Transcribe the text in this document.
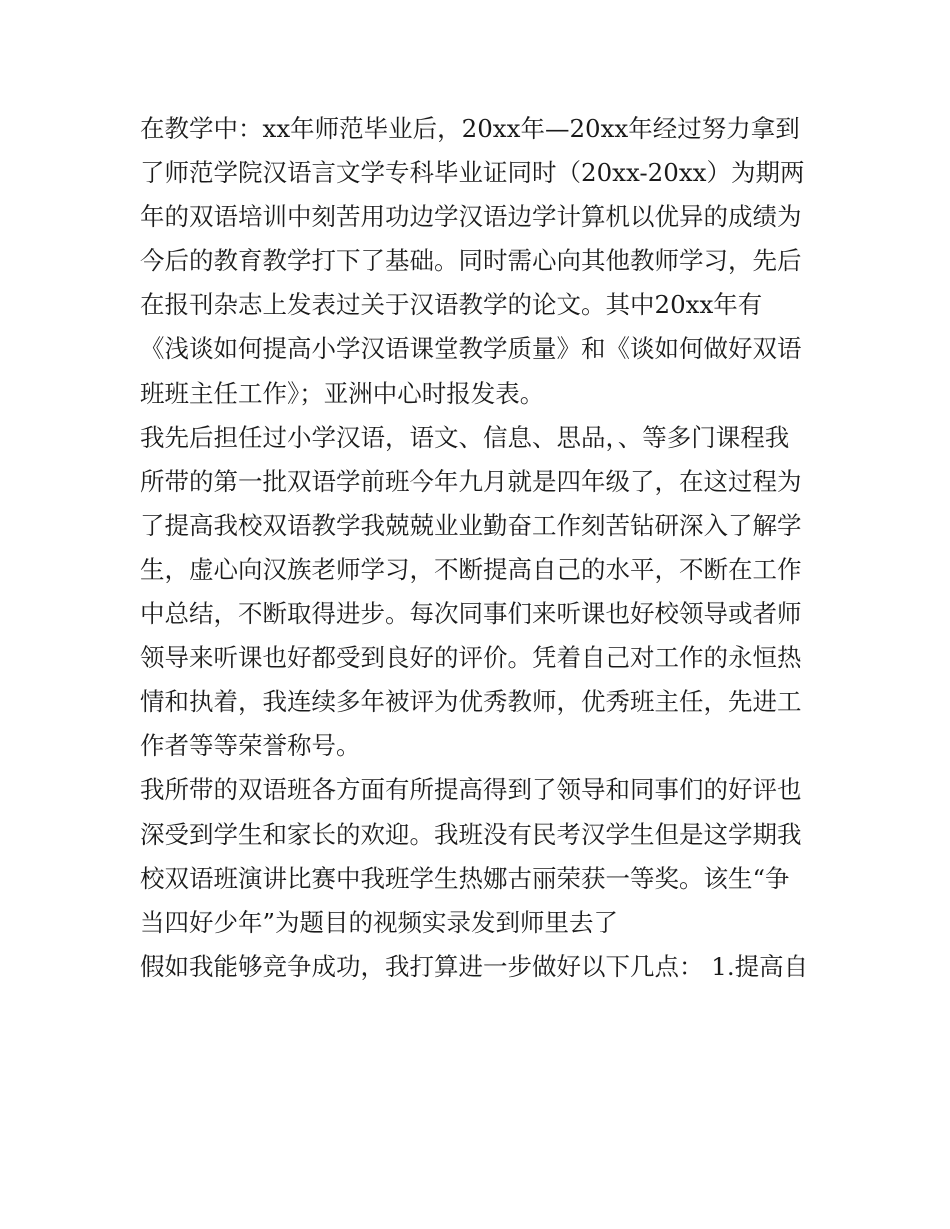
在教学中：xx年师范毕业后，20xx年—20xx年经过努力拿到
了师范学院汉语言文学专科毕业证同时（20xx-20xx）为期两
年的双语培训中刻苦用功边学汉语边学计算机以优异的成绩为
今后的教育教学打下了基础。同时需心向其他教师学习，先后
在报刊杂志上发表过关于汉语教学的论文。其中20xx年有
《浅谈如何提高小学汉语课堂教学质量》和《谈如何做好双语
班班主任工作》；亚洲中心时报发表。
我先后担任过小学汉语，语文、信息、思品，、等多门课程我
所带的第一批双语学前班今年九月就是四年级了，在这过程为
了提高我校双语教学我兢兢业业勤奋工作刻苦钻研深入了解学
生，虚心向汉族老师学习，不断提高自己的水平，不断在工作
中总结，不断取得进步。每次同事们来听课也好校领导或者师
领导来听课也好都受到良好的评价。凭着自己对工作的永恒热
情和执着，我连续多年被评为优秀教师，优秀班主任，先进工
作者等等荣誉称号。
我所带的双语班各方面有所提高得到了领导和同事们的好评也
深受到学生和家长的欢迎。我班没有民考汉学生但是这学期我
校双语班演讲比赛中我班学生热娜古丽荣获一等奖。该生“争
当四好少年”为题目的视频实录发到师里去了
假如我能够竞争成功，我打算进一步做好以下几点： 1.提高自
